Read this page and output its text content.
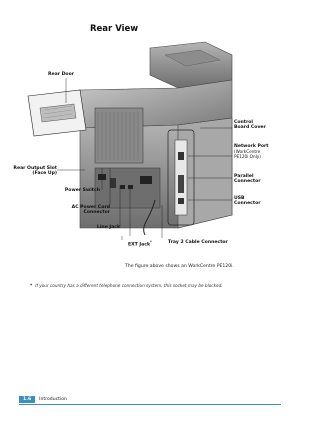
Rear View
Rear Door
Control
Board Cover
Network Port
(WorkCentre
PE120i Only)
Parallel
Connector
USB
Connector
Rear Output Slot
(Face Up)
Power Switch
AC Power Cord
Connector
Line Jack
EXT Jack*	Tray 2 Cable Connector
The figure above shows an WorkCentre PE120i.
* If your country has a different telephone connection system, this socket may be blocked.
1.6	Introduction
